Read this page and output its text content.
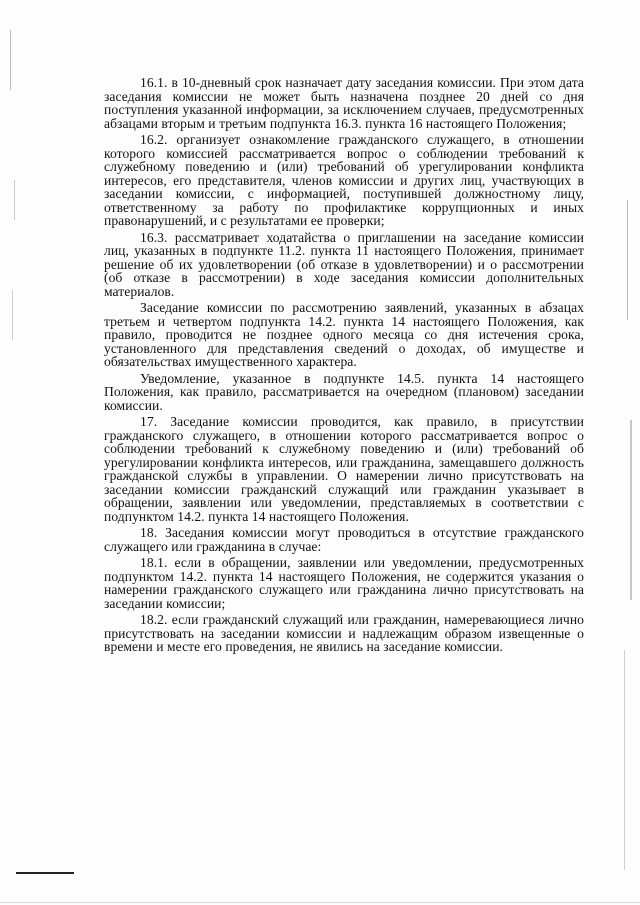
16.1. в 10-дневный срок назначает дату заседания комиссии. При этом дата заседания комиссии не может быть назначена позднее 20 дней со дня поступления указанной информации, за исключением случаев, предусмотренных абзацами вторым и третьим подпункта 16.3. пункта 16 настоящего Положения;

16.2. организует ознакомление гражданского служащего, в отношении которого комиссией рассматривается вопрос о соблюдении требований к служебному поведению и (или) требований об урегулировании конфликта интересов, его представителя, членов комиссии и других лиц, участвующих в заседании комиссии, с информацией, поступившей должностному лицу, ответственному за работу по профилактике коррупционных и иных правонарушений, и с результатами ее проверки;

16.3. рассматривает ходатайства о приглашении на заседание комиссии лиц, указанных в подпункте 11.2. пункта 11 настоящего Положения, принимает решение об их удовлетворении (об отказе в удовлетворении) и о рассмотрении (об отказе в рассмотрении) в ходе заседания комиссии дополнительных материалов.

Заседание комиссии по рассмотрению заявлений, указанных в абзацах третьем и четвертом подпункта 14.2. пункта 14 настоящего Положения, как правило, проводится не позднее одного месяца со дня истечения срока, установленного для представления сведений о доходах, об имуществе и обязательствах имущественного характера.

Уведомление, указанное в подпункте 14.5. пункта 14 настоящего Положения, как правило, рассматривается на очередном (плановом) заседании комиссии.

17. Заседание комиссии проводится, как правило, в присутствии гражданского служащего, в отношении которого рассматривается вопрос о соблюдении требований к служебному поведению и (или) требований об урегулировании конфликта интересов, или гражданина, замещавшего должность гражданской службы в управлении. О намерении лично присутствовать на заседании комиссии гражданский служащий или гражданин указывает в обращении, заявлении или уведомлении, представляемых в соответствии с подпунктом 14.2. пункта 14 настоящего Положения.

18. Заседания комиссии могут проводиться в отсутствие гражданского служащего или гражданина в случае:

18.1. если в обращении, заявлении или уведомлении, предусмотренных подпунктом 14.2. пункта 14 настоящего Положения, не содержится указания о намерении гражданского служащего или гражданина лично присутствовать на заседании комиссии;

18.2. если гражданский служащий или гражданин, намеревающиеся лично присутствовать на заседании комиссии и надлежащим образом извещенные о времени и месте его проведения, не явились на заседание комиссии.
